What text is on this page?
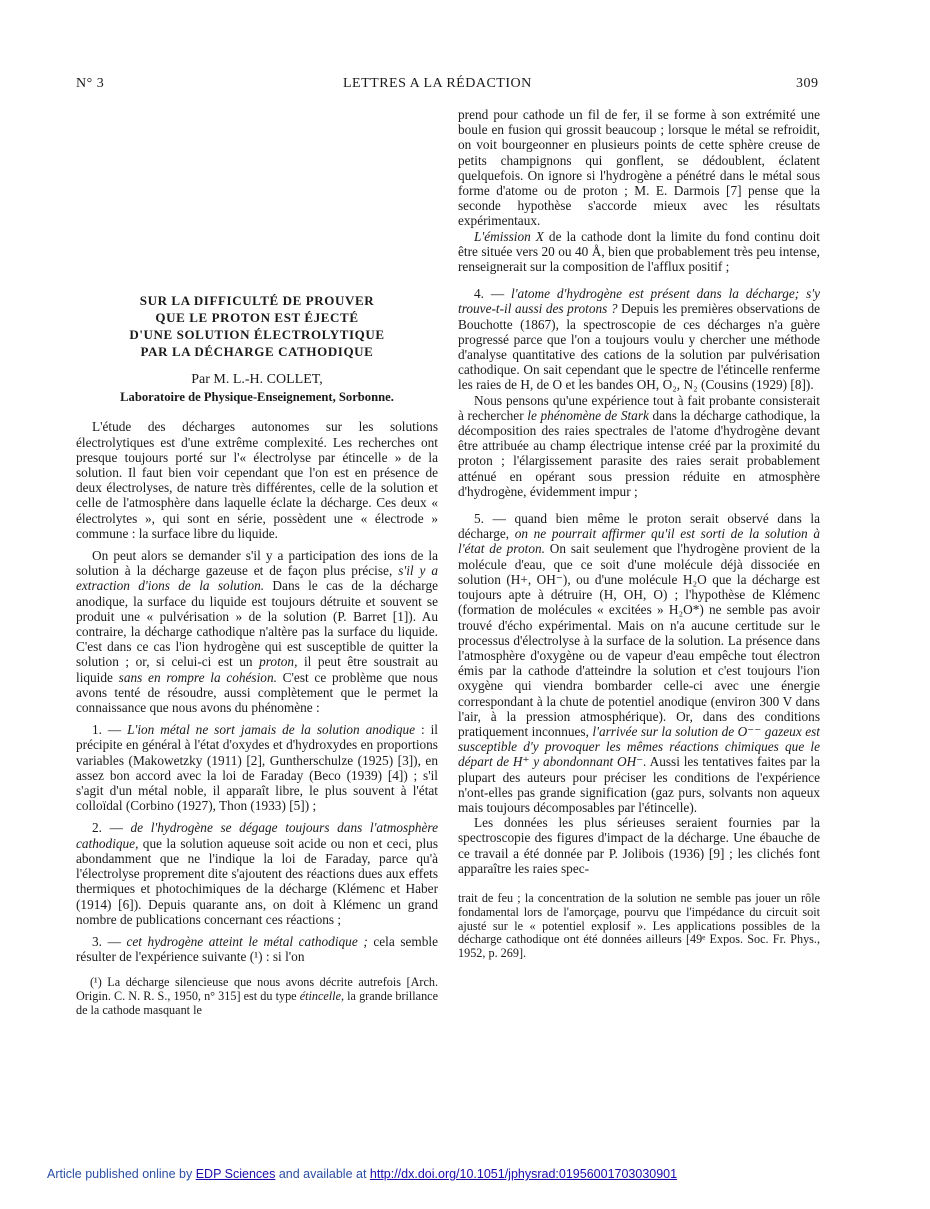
N° 3	LETTRES A LA RÉDACTION	309
SUR LA DIFFICULTÉ DE PROUVER
QUE LE PROTON EST ÉJECTÉ
D'UNE SOLUTION ÉLECTROLYTIQUE
PAR LA DÉCHARGE CATHODIQUE
Par M. L.-H. COLLET,
Laboratoire de Physique-Enseignement, Sorbonne.

L'étude des décharges autonomes sur les solutions électrolytiques est d'une extrême complexité. Les recherches ont presque toujours porté sur l'« électrolyse par étincelle » de la solution. Il faut bien voir cependant que l'on est en présence de deux électrolyses, de nature très différentes, celle de la solution et celle de l'atmosphère dans laquelle éclate la décharge. Ces deux « électrolytes », qui sont en série, possèdent une « électrode » commune : la surface libre du liquide.

On peut alors se demander s'il y a participation des ions de la solution à la décharge gazeuse et de façon plus précise, s'il y a extraction d'ions de la solution. Dans le cas de la décharge anodique, la surface du liquide est toujours détruite et souvent se produit une « pulvérisation » de la solution (P. Barret [1]). Au contraire, la décharge cathodique n'altère pas la surface du liquide. C'est dans ce cas l'ion hydrogène qui est susceptible de quitter la solution ; or, si celui-ci est un proton, il peut être soustrait au liquide sans en rompre la cohésion. C'est ce problème que nous avons tenté de résoudre, aussi complètement que le permet la connaissance que nous avons du phénomène :

1. — L'ion métal ne sort jamais de la solution anodique : il précipite en général à l'état d'oxydes et d'hydroxydes en proportions variables (Makowetzky (1911) [2], Guntherschulze (1925) [3]), en assez bon accord avec la loi de Faraday (Beco (1939) [4]) ; s'il s'agit d'un métal noble, il apparaît libre, le plus souvent à l'état colloïdal (Corbino (1927), Thon (1933) [5]) ;

2. — de l'hydrogène se dégage toujours dans l'atmosphère cathodique, que la solution aqueuse soit acide ou non et ceci, plus abondamment que ne l'indique la loi de Faraday, parce qu'à l'électrolyse proprement dite s'ajoutent des réactions dues aux effets thermiques et photochimiques de la décharge (Klémenc et Haber (1914) [6]). Depuis quarante ans, on doit à Klémenc un grand nombre de publications concernant ces réactions ;

3. — cet hydrogène atteint le métal cathodique ; cela semble résulter de l'expérience suivante (¹) : si l'on

(¹) La décharge silencieuse que nous avons décrite autrefois [Arch. Origin. C. N. R. S., 1950, n° 315] est du type étincelle, la grande brillance de la cathode masquant le

prend pour cathode un fil de fer, il se forme à son extrémité une boule en fusion qui grossit beaucoup ; lorsque le métal se refroidit, on voit bourgeonner en plusieurs points de cette sphère creuse de petits champignons qui gonflent, se dédoublent, éclatent quelquefois. On ignore si l'hydrogène a pénétré dans le métal sous forme d'atome ou de proton ; M. E. Darmois [7] pense que la seconde hypothèse s'accorde mieux avec les résultats expérimentaux.

L'émission X de la cathode dont la limite du fond continu doit être située vers 20 ou 40 Å, bien que probablement très peu intense, renseignerait sur la composition de l'afflux positif ;

4. — l'atome d'hydrogène est présent dans la décharge; s'y trouve-t-il aussi des protons ? Depuis les premières observations de Bouchotte (1867), la spectroscopie de ces décharges n'a guère progressé parce que l'on a toujours voulu y chercher une méthode d'analyse quantitative des cations de la solution par pulvérisation cathodique. On sait cependant que le spectre de l'étincelle renferme les raies de H, de O et les bandes OH, O₂, N₂ (Cousins (1929) [8]).

Nous pensons qu'une expérience tout à fait probante consisterait à rechercher le phénomène de Stark dans la décharge cathodique, la décomposition des raies spectrales de l'atome d'hydrogène devant être attribuée au champ électrique intense créé par la proximité du proton ; l'élargissement parasite des raies serait probablement atténué en opérant sous pression réduite en atmosphère d'hydrogène, évidemment impur ;

5. — quand bien même le proton serait observé dans la décharge, on ne pourrait affirmer qu'il est sorti de la solution à l'état de proton. On sait seulement que l'hydrogène provient de la molécule d'eau, que ce soit d'une molécule déjà dissociée en solution (H+, OH⁻), ou d'une molécule H₂O que la décharge est toujours apte à détruire (H, OH, O) ; l'hypothèse de Klémenc (formation de molécules « excitées » H₂O*) ne semble pas avoir trouvé d'écho expérimental. Mais on n'a aucune certitude sur le processus d'électrolyse à la surface de la solution. La présence dans l'atmosphère d'oxygène ou de vapeur d'eau empêche tout électron émis par la cathode d'atteindre la solution et c'est toujours l'ion oxygène qui viendra bombarder celle-ci avec une énergie correspondant à la chute de potentiel anodique (environ 300 V dans l'air, à la pression atmosphérique). Or, dans des conditions pratiquement inconnues, l'arrivée sur la solution de O⁻⁻ gazeux est susceptible d'y provoquer les mêmes réactions chimiques que le départ de H⁺ y abondonnant OH⁻. Aussi les tentatives faites par la plupart des auteurs pour préciser les conditions de l'expérience n'ont-elles pas grande signification (gaz purs, solvants non aqueux mais toujours décomposables par l'étincelle).

Les données les plus sérieuses seraient fournies par la spectroscopie des figures d'impact de la décharge. Une ébauche de ce travail a été donnée par P. Jolibois (1936) [9] ; les clichés font apparaître les raies spec-

trait de feu ; la concentration de la solution ne semble pas jouer un rôle fondamental lors de l'amorçage, pourvu que l'impédance du circuit soit ajusté sur le « potentiel explosif ». Les applications possibles de la décharge cathodique ont été données ailleurs [49ᵉ Expos. Soc. Fr. Phys., 1952, p. 269].

Article published online by EDP Sciences and available at http://dx.doi.org/10.1051/jphysrad:01956001703030901
